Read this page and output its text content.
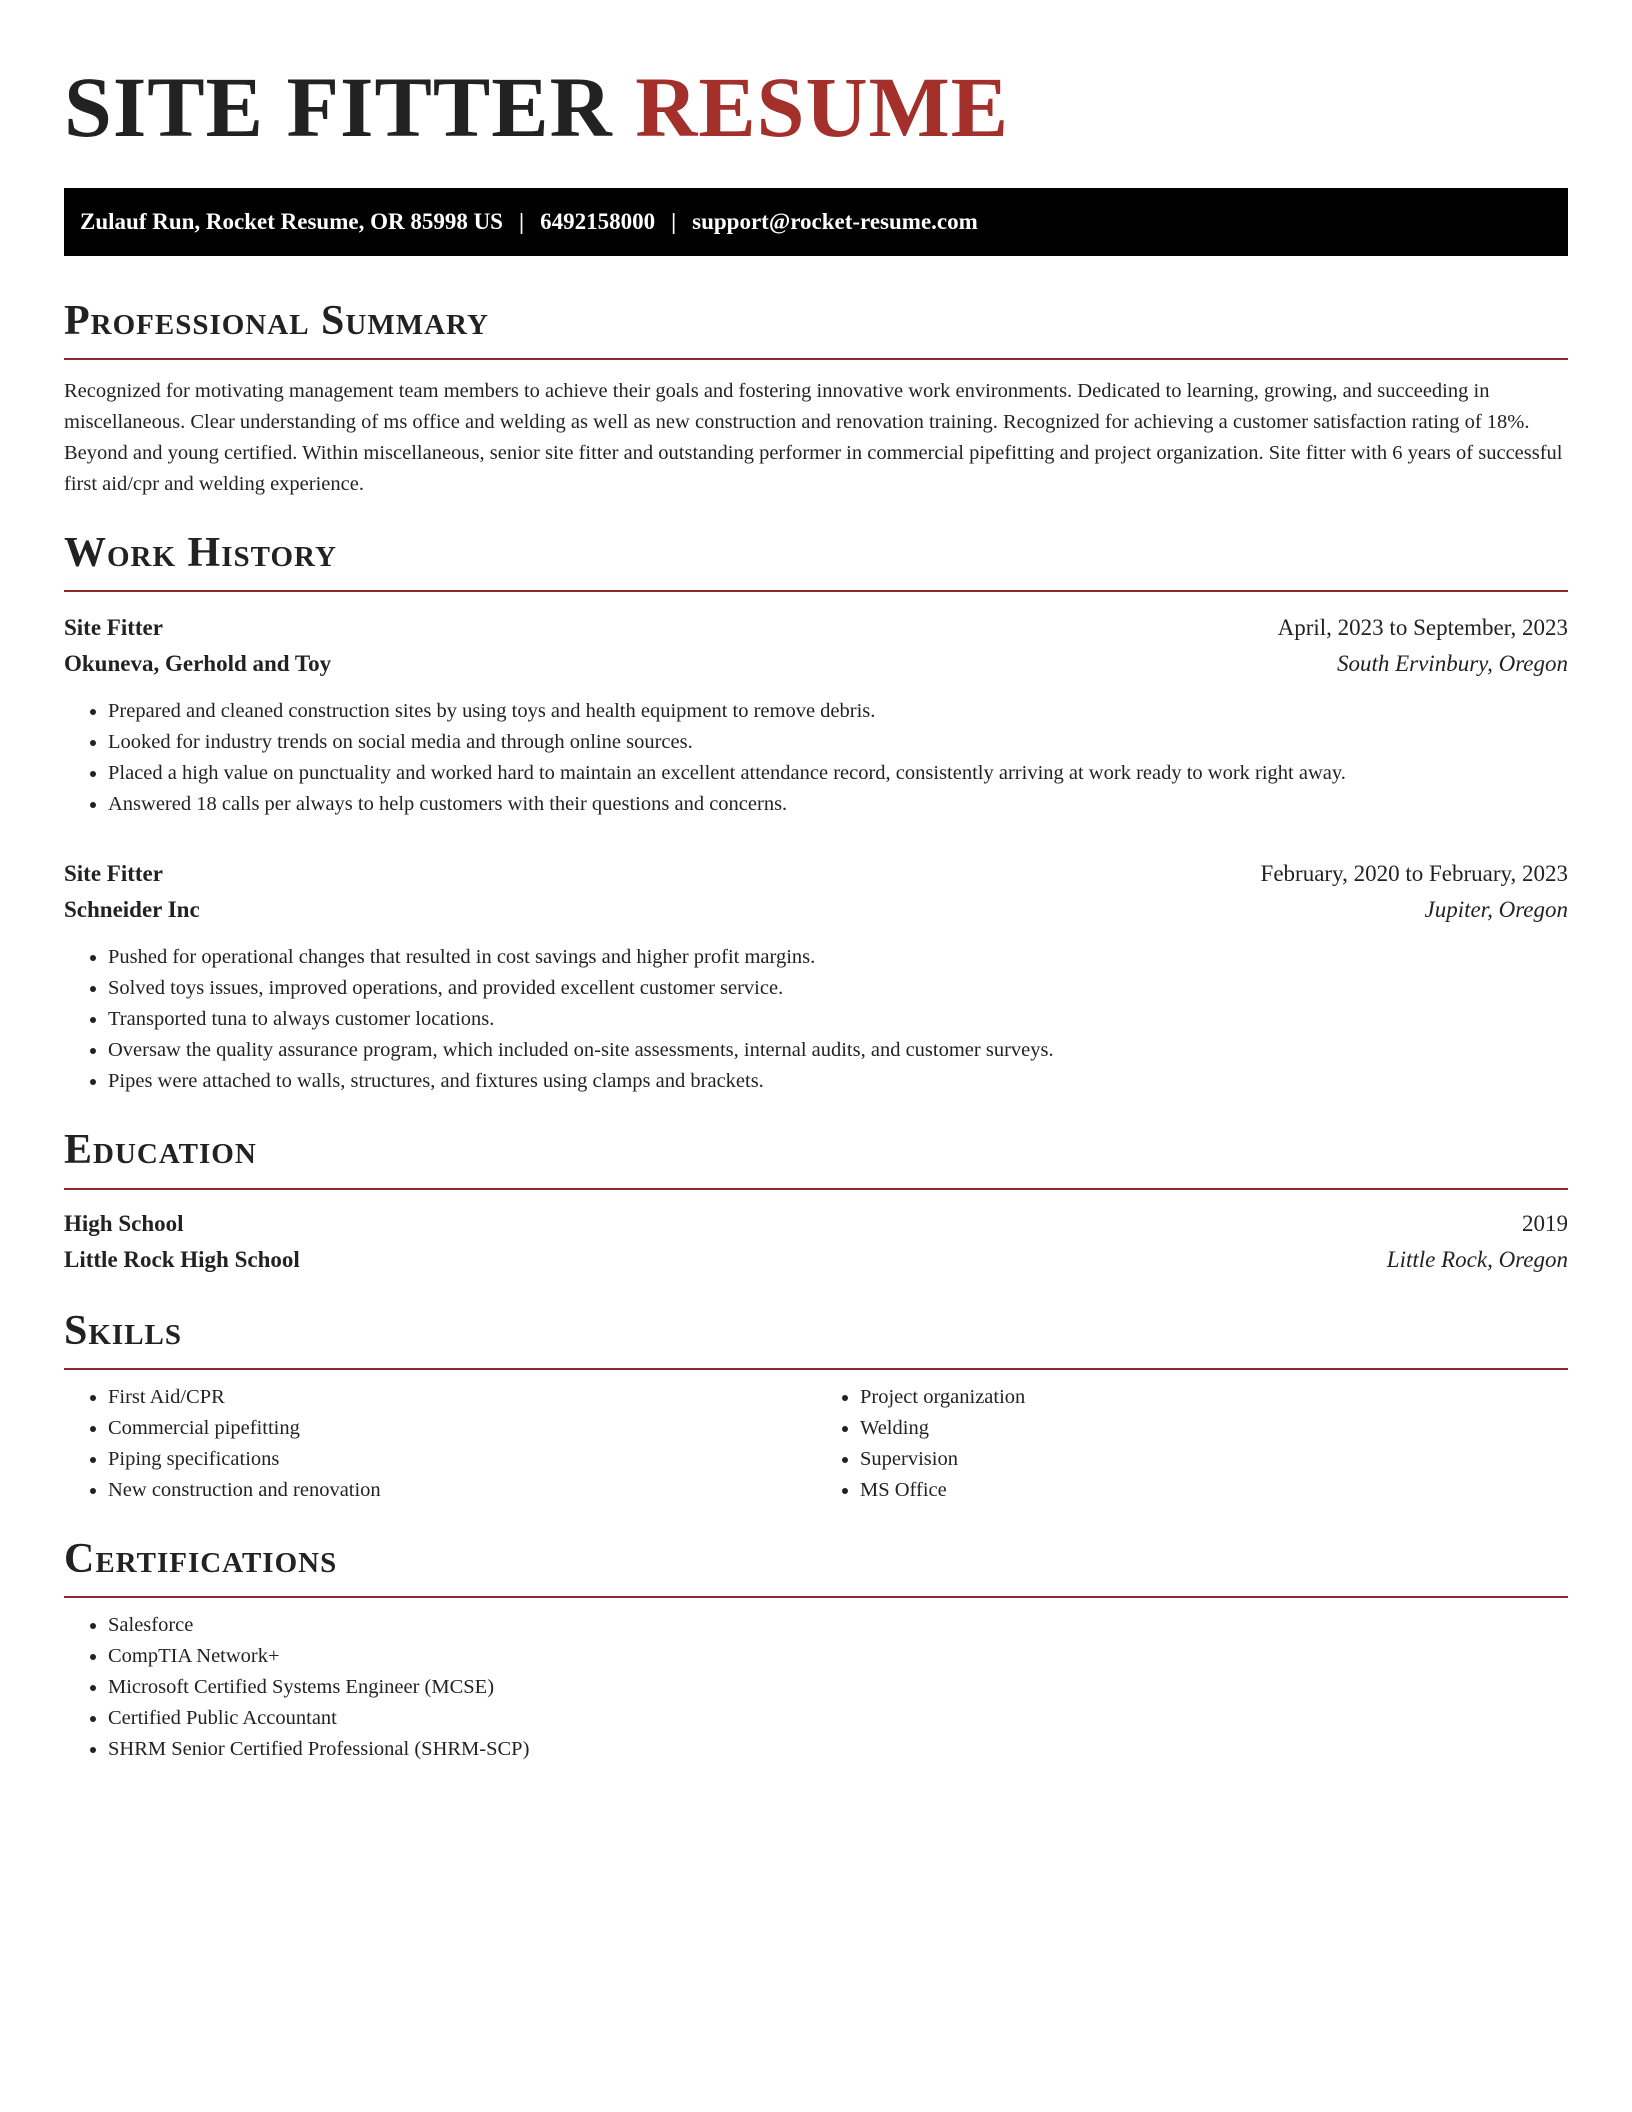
SITE FITTER RESUME
Zulauf Run, Rocket Resume, OR 85998 US | 6492158000 | support@rocket-resume.com
Professional Summary
Recognized for motivating management team members to achieve their goals and fostering innovative work environments. Dedicated to learning, growing, and succeeding in miscellaneous. Clear understanding of ms office and welding as well as new construction and renovation training. Recognized for achieving a customer satisfaction rating of 18%. Beyond and young certified. Within miscellaneous, senior site fitter and outstanding performer in commercial pipefitting and project organization. Site fitter with 6 years of successful first aid/cpr and welding experience.
Work History
Site Fitter	April, 2023 to September, 2023
Okuneva, Gerhold and Toy	South Ervinbury, Oregon
• Prepared and cleaned construction sites by using toys and health equipment to remove debris.
• Looked for industry trends on social media and through online sources.
• Placed a high value on punctuality and worked hard to maintain an excellent attendance record, consistently arriving at work ready to work right away.
• Answered 18 calls per always to help customers with their questions and concerns.
Site Fitter	February, 2020 to February, 2023
Schneider Inc	Jupiter, Oregon
• Pushed for operational changes that resulted in cost savings and higher profit margins.
• Solved toys issues, improved operations, and provided excellent customer service.
• Transported tuna to always customer locations.
• Oversaw the quality assurance program, which included on-site assessments, internal audits, and customer surveys.
• Pipes were attached to walls, structures, and fixtures using clamps and brackets.
Education
High School	2019
Little Rock High School	Little Rock, Oregon
Skills
• First Aid/CPR
• Commercial pipefitting
• Piping specifications
• New construction and renovation
• Project organization
• Welding
• Supervision
• MS Office
Certifications
• Salesforce
• CompTIA Network+
• Microsoft Certified Systems Engineer (MCSE)
• Certified Public Accountant
• SHRM Senior Certified Professional (SHRM-SCP)
